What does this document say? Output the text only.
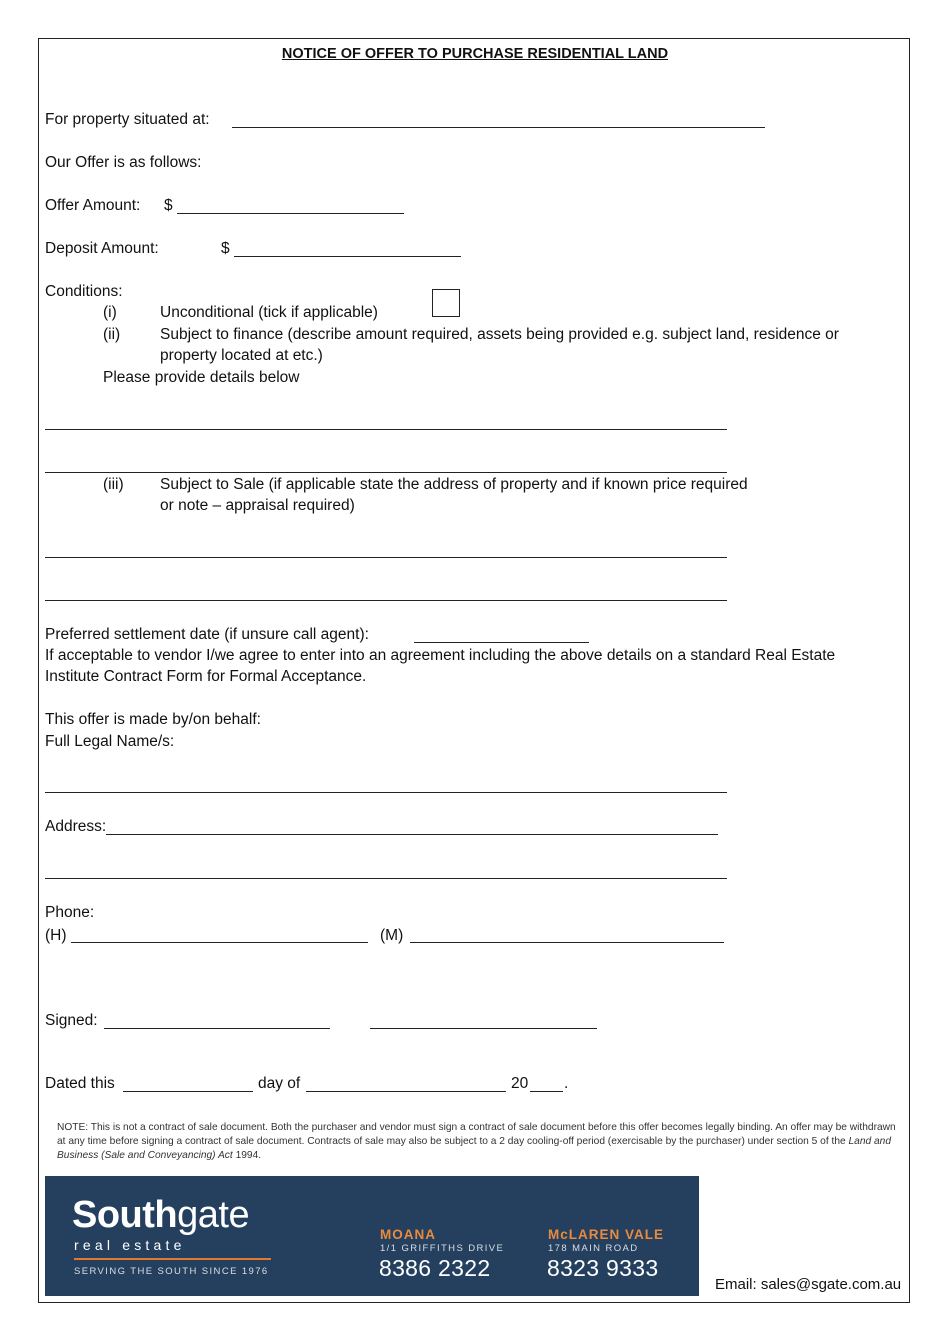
NOTICE OF OFFER TO PURCHASE RESIDENTIAL LAND
For property situated at:
Our Offer is as follows:
Offer Amount: $
Deposit Amount:	$
Conditions:
(i)	Unconditional (tick if applicable)
(ii)	Subject to finance (describe amount required, assets being provided e.g. subject land, residence or
property located at etc.)
Please provide details below
(iii) Subject to Sale (if applicable state the address of property and if known price required
or note – appraisal required)
Preferred settlement date (if unsure call agent):
If acceptable to vendor I/we agree to enter into an agreement including the above details on a standard Real Estate
Institute Contract Form for Formal Acceptance.
This offer is made by/on behalf:
Full Legal Name/s:
Address:
Phone:
(H)	(M)
Signed:
Dated this	day of	20 .
NOTE: This is not a contract of sale document. Both the purchaser and vendor must sign a contract of sale document before this offer becomes legally binding. An offer may be withdrawn at any time before signing a contract of sale document. Contracts of sale may also be subject to a 2 day cooling-off period (exercisable by the purchaser) under section 5 of the Land and Business (Sale and Conveyancing) Act 1994.
Southgate
real estate
SERVING THE SOUTH SINCE 1976
MOANA
1/1 GRIFFITHS DRIVE
8386 2322
McLAREN VALE
178 MAIN ROAD
8323 9333
Email: sales@sgate.com.au
